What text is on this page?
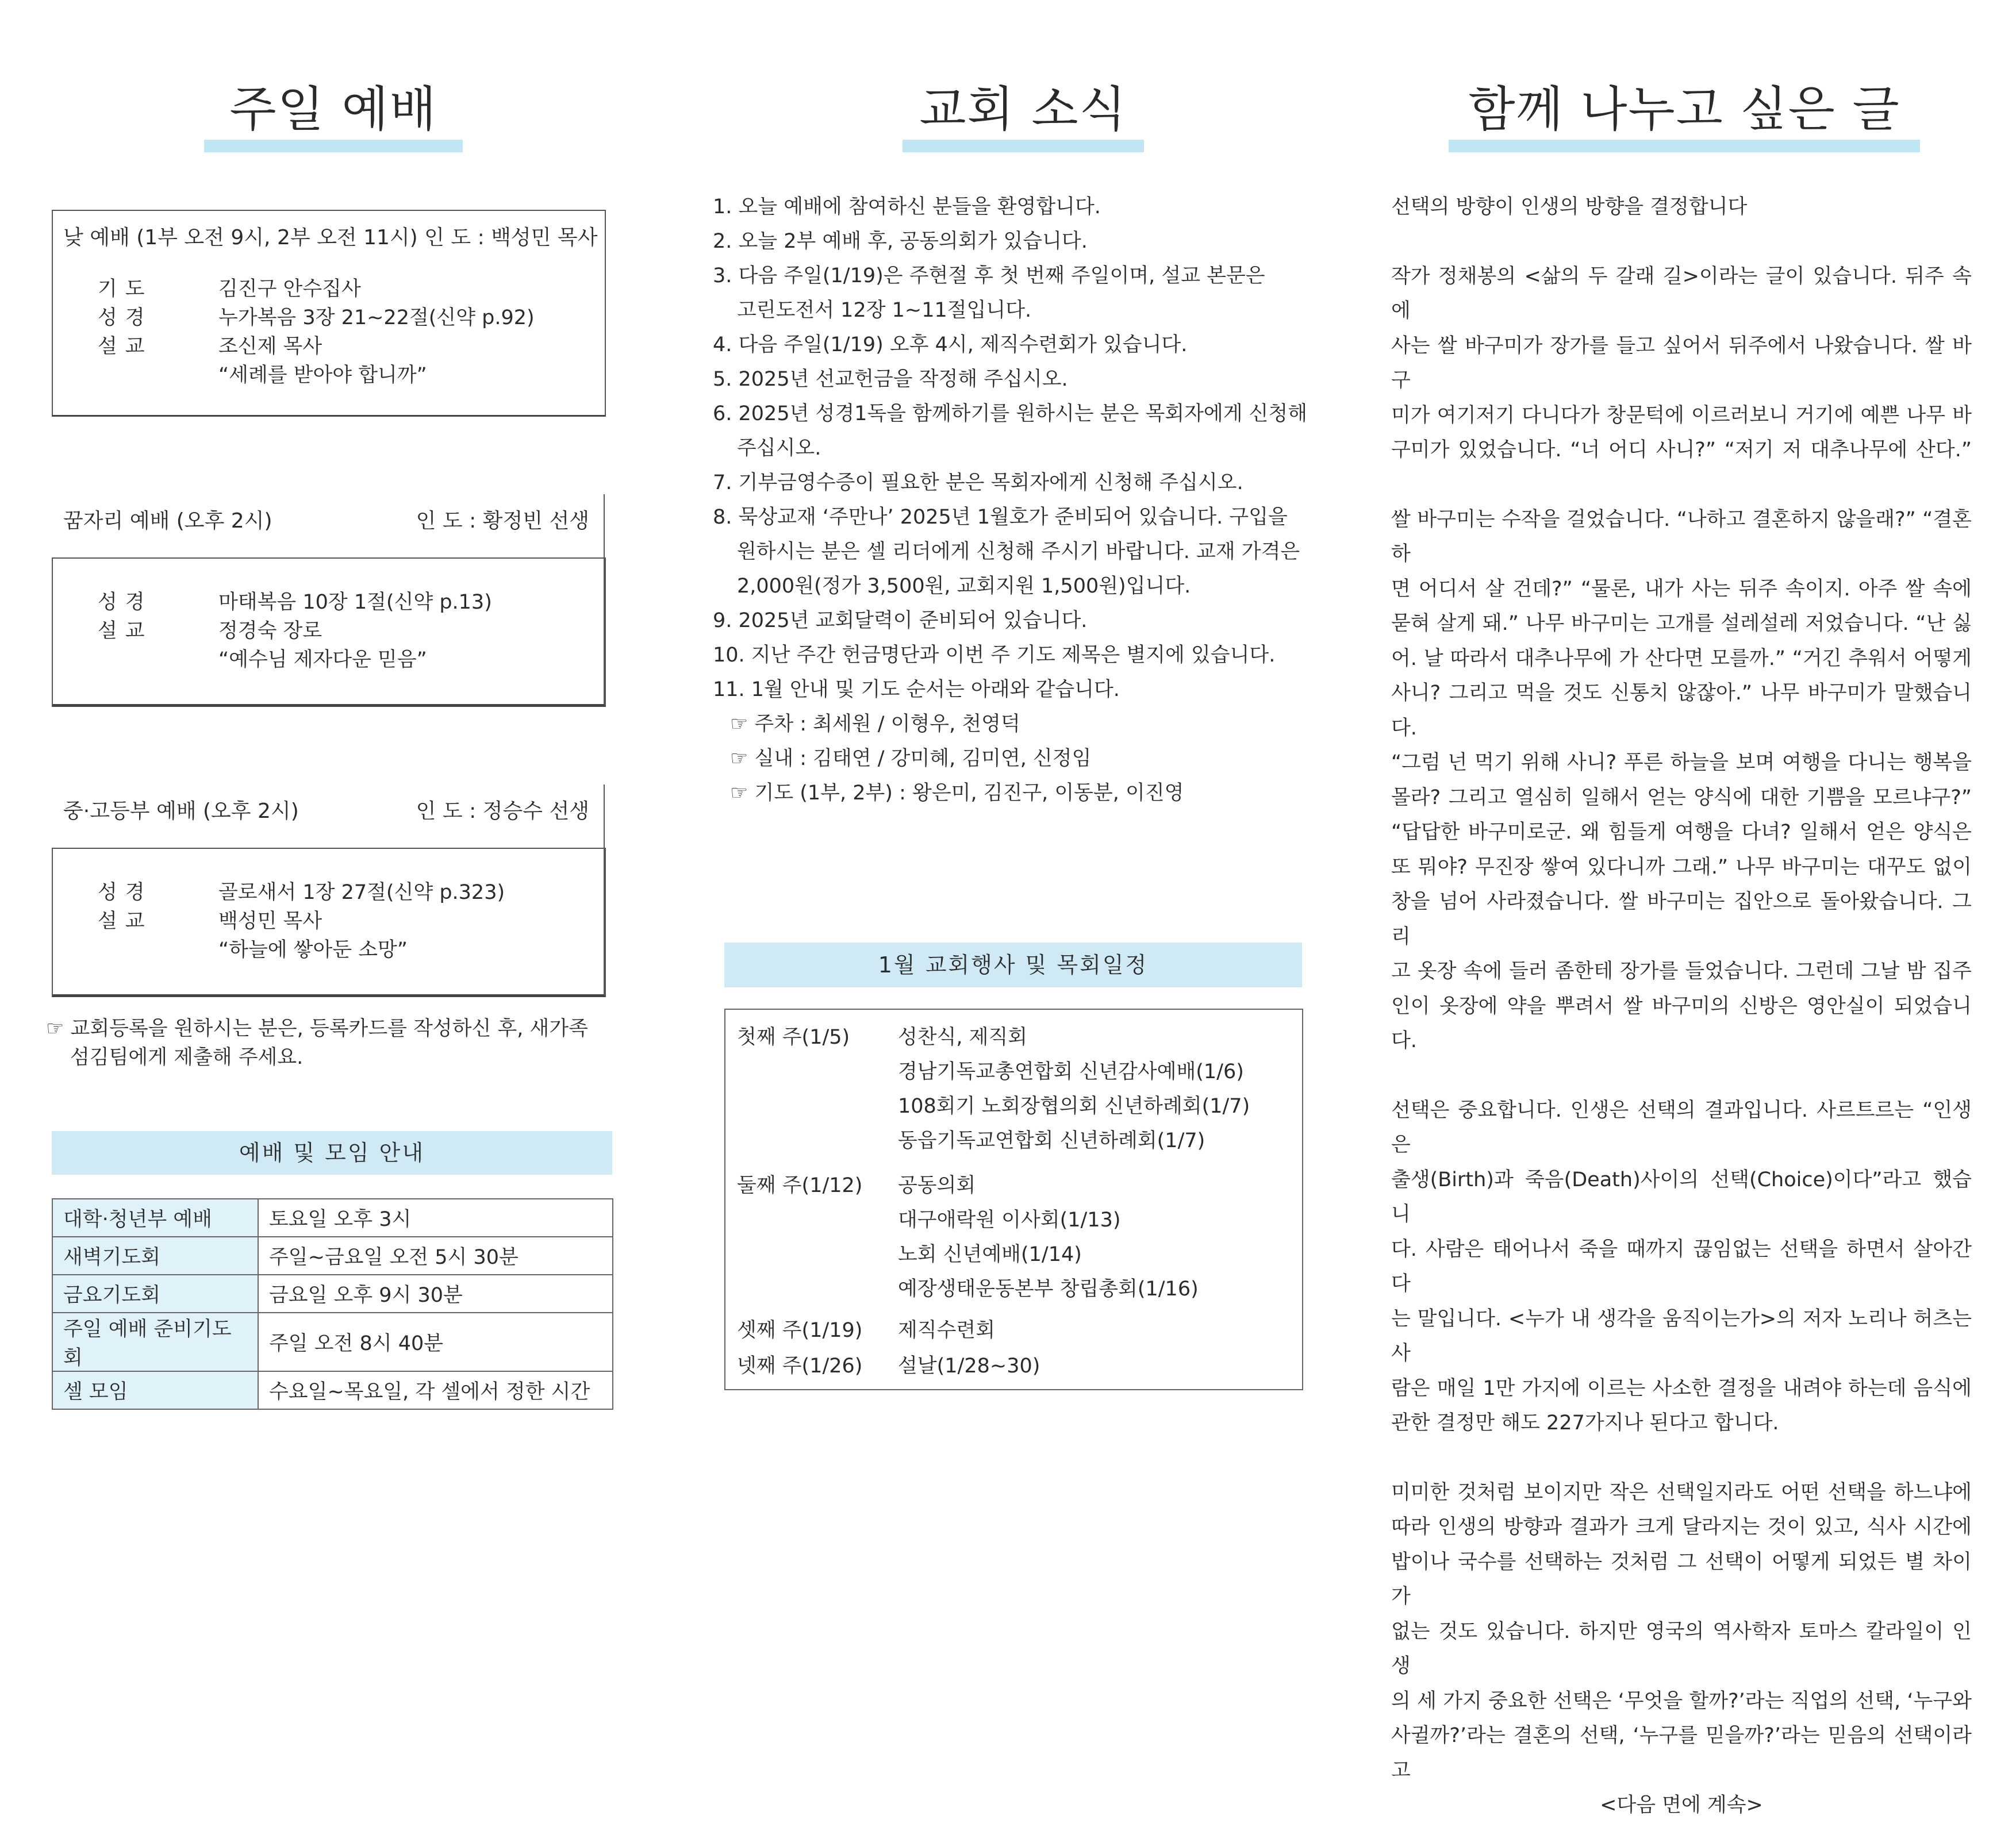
주일 예배
낮 예배 (1부 오전 9시, 2부 오전 11시) 인 도 : 백성민 목사
기도	김진구 안수집사
성경	누가복음 3장 21~22절(신약 p.92)
설교	조신제 목사
“세례를 받아야 합니까”
꿈자리 예배 (오후 2시)	인 도 : 황정빈 선생
성경	마태복음 10장 1절(신약 p.13)
설교	정경숙 장로
“예수님 제자다운 믿음”
중·고등부 예배 (오후 2시)	인 도 : 정승수 선생
성경	골로새서 1장 27절(신약 p.323)
설교	백성민 목사
“하늘에 쌓아둔 소망”
☞ 교회등록을 원하시는 분은, 등록카드를 작성하신 후, 새가족
섬김팀에게 제출해 주세요.
예배 및 모임 안내
대학·청년부 예배	토요일 오후 3시
새벽기도회	주일~금요일 오전 5시 30분
금요기도회	금요일 오후 9시 30분
주일 예배 준비기도회	주일 오전 8시 40분
셀 모임	수요일~목요일, 각 셀에서 정한 시간
교회 소식
1. 오늘 예배에 참여하신 분들을 환영합니다.
2. 오늘 2부 예배 후, 공동의회가 있습니다.
3. 다음 주일(1/19)은 주현절 후 첫 번째 주일이며, 설교 본문은
고린도전서 12장 1~11절입니다.
4. 다음 주일(1/19) 오후 4시, 제직수련회가 있습니다.
5. 2025년 선교헌금을 작정해 주십시오.
6. 2025년 성경1독을 함께하기를 원하시는 분은 목회자에게 신청해
주십시오.
7. 기부금영수증이 필요한 분은 목회자에게 신청해 주십시오.
8. 묵상교재 ‘주만나’ 2025년 1월호가 준비되어 있습니다. 구입을
원하시는 분은 셀 리더에게 신청해 주시기 바랍니다. 교재 가격은
2,000원(정가 3,500원, 교회지원 1,500원)입니다.
9. 2025년 교회달력이 준비되어 있습니다.
10. 지난 주간 헌금명단과 이번 주 기도 제목은 별지에 있습니다.
11. 1월 안내 및 기도 순서는 아래와 같습니다.
☞ 주차 : 최세원 / 이형우, 천영덕
☞ 실내 : 김태연 / 강미혜, 김미연, 신정임
☞ 기도 (1부, 2부) : 왕은미, 김진구, 이동분, 이진영
1월 교회행사 및 목회일정
첫째 주(1/5) 성찬식, 제직회
경남기독교총연합회 신년감사예배(1/6)
108회기 노회장협의회 신년하례회(1/7)
동읍기독교연합회 신년하례회(1/7)
둘째 주(1/12) 공동의회
대구애락원 이사회(1/13)
노회 신년예배(1/14)
예장생태운동본부 창립총회(1/16)
셋째 주(1/19) 제직수련회
넷째 주(1/26) 설날(1/28~30)
함께 나누고 싶은 글

선택의 방향이 인생의 방향을 결정합니다

작가 정채봉의 <삶의 두 갈래 길>이라는 글이 있습니다. 뒤주 속에

사는 쌀 바구미가 장가를 들고 싶어서 뒤주에서 나왔습니다. 쌀 바구

미가 여기저기 다니다가 창문턱에 이르러보니 거기에 예쁜 나무 바

구미가 있었습니다. “너 어디 사니?” “저기 저 대추나무에 산다.”

쌀 바구미는 수작을 걸었습니다. “나하고 결혼하지 않을래?” “결혼하

면 어디서 살 건데?” “물론, 내가 사는 뒤주 속이지. 아주 쌀 속에

묻혀 살게 돼.” 나무 바구미는 고개를 설레설레 저었습니다. “난 싫

어. 날 따라서 대추나무에 가 산다면 모를까.” “거긴 추워서 어떻게

사니? 그리고 먹을 것도 신통치 않잖아.” 나무 바구미가 말했습니다.

“그럼 넌 먹기 위해 사니? 푸른 하늘을 보며 여행을 다니는 행복을

몰라? 그리고 열심히 일해서 얻는 양식에 대한 기쁨을 모르냐구?”

“답답한 바구미로군. 왜 힘들게 여행을 다녀? 일해서 얻은 양식은

또 뭐야? 무진장 쌓여 있다니까 그래.” 나무 바구미는 대꾸도 없이

창을 넘어 사라졌습니다. 쌀 바구미는 집안으로 돌아왔습니다. 그리

고 옷장 속에 들러 좀한테 장가를 들었습니다. 그런데 그날 밤 집주

인이 옷장에 약을 뿌려서 쌀 바구미의 신방은 영안실이 되었습니다.

선택은 중요합니다. 인생은 선택의 결과입니다. 사르트르는 “인생은

출생(Birth)과 죽음(Death)사이의 선택(Choice)이다”라고 했습니

다. 사람은 태어나서 죽을 때까지 끊임없는 선택을 하면서 살아간다

는 말입니다. <누가 내 생각을 움직이는가>의 저자 노리나 허츠는 사

람은 매일 1만 가지에 이르는 사소한 결정을 내려야 하는데 음식에

관한 결정만 해도 227가지나 된다고 합니다.

미미한 것처럼 보이지만 작은 선택일지라도 어떤 선택을 하느냐에

따라 인생의 방향과 결과가 크게 달라지는 것이 있고, 식사 시간에

밥이나 국수를 선택하는 것처럼 그 선택이 어떻게 되었든 별 차이가

없는 것도 있습니다. 하지만 영국의 역사학자 토마스 칼라일이 인생

의 세 가지 중요한 선택은 ‘무엇을 할까?’라는 직업의 선택, ‘누구와

사귈까?’라는 결혼의 선택, ‘누구를 믿을까?’라는 믿음의 선택이라고

<다음 면에 계속>
